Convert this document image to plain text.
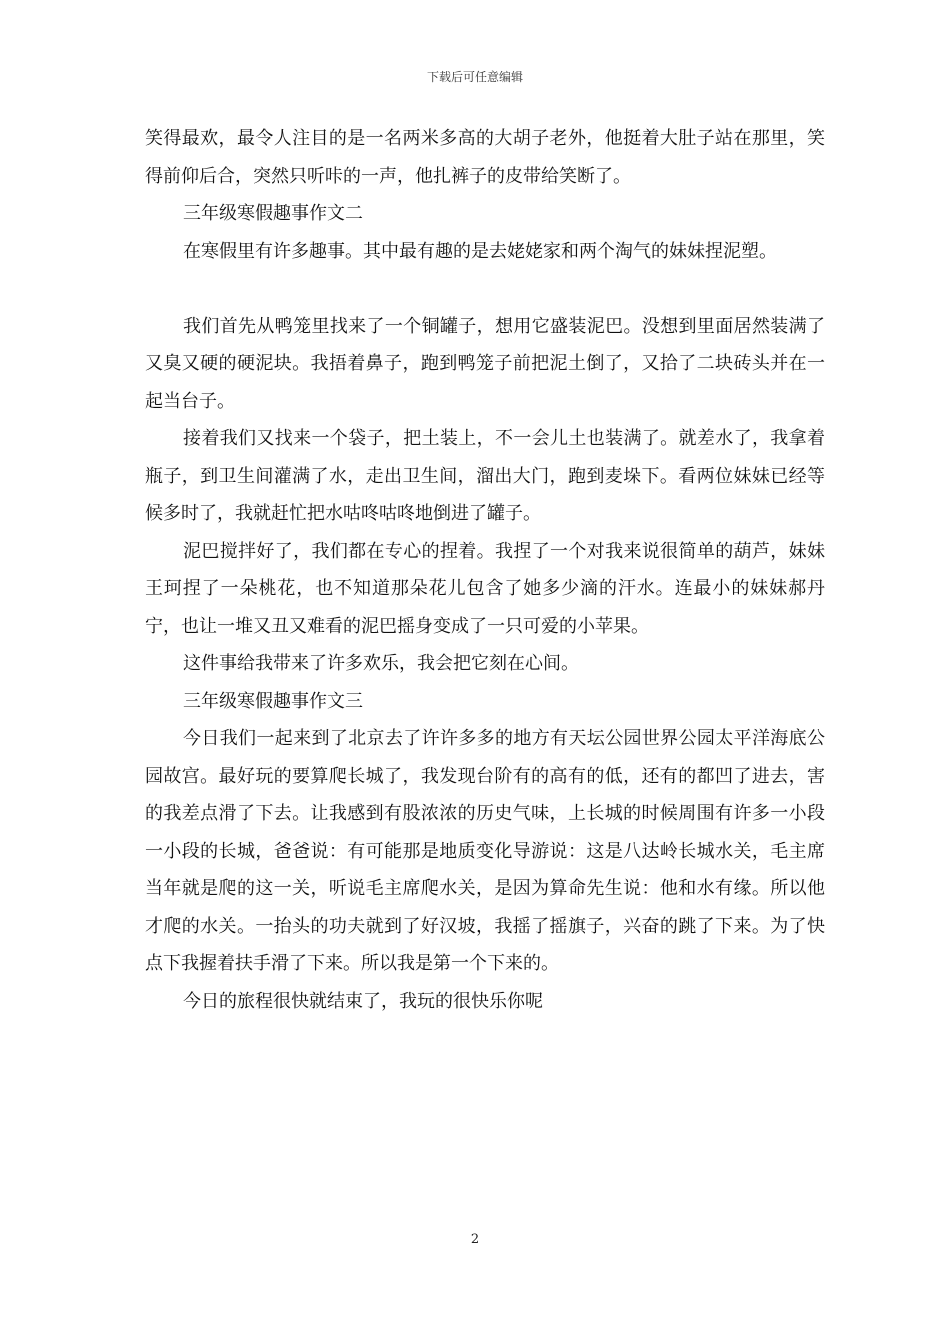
下载后可任意编辑

笑得最欢，最令人注目的是一名两米多高的大胡子老外，他挺着大肚子站在那里，笑得前仰后合，突然只听咔的一声，他扎裤子的皮带给笑断了。

三年级寒假趣事作文二

在寒假里有许多趣事。其中最有趣的是去姥姥家和两个淘气的妹妹捏泥塑。

我们首先从鸭笼里找来了一个铜罐子，想用它盛装泥巴。没想到里面居然装满了又臭又硬的硬泥块。我捂着鼻子，跑到鸭笼子前把泥土倒了，又拾了二块砖头并在一起当台子。

接着我们又找来一个袋子，把土装上，不一会儿土也装满了。就差水了，我拿着瓶子，到卫生间灌满了水，走出卫生间，溜出大门，跑到麦垛下。看两位妹妹已经等候多时了，我就赶忙把水咕咚咕咚地倒进了罐子。

泥巴搅拌好了，我们都在专心的捏着。我捏了一个对我来说很简单的葫芦，妹妹王珂捏了一朵桃花，也不知道那朵花儿包含了她多少滴的汗水。连最小的妹妹郝丹宁，也让一堆又丑又难看的泥巴摇身变成了一只可爱的小苹果。

这件事给我带来了许多欢乐，我会把它刻在心间。

三年级寒假趣事作文三

今日我们一起来到了北京去了许许多多的地方有天坛公园世界公园太平洋海底公园故宫。最好玩的要算爬长城了，我发现台阶有的高有的低，还有的都凹了进去，害的我差点滑了下去。让我感到有股浓浓的历史气味，上长城的时候周围有许多一小段一小段的长城，爸爸说：有可能那是地质变化导游说：这是八达岭长城水关，毛主席当年就是爬的这一关，听说毛主席爬水关，是因为算命先生说：他和水有缘。所以他才爬的水关。一抬头的功夫就到了好汉坡，我摇了摇旗子，兴奋的跳了下来。为了快点下我握着扶手滑了下来。所以我是第一个下来的。

今日的旅程很快就结束了，我玩的很快乐你呢

2
